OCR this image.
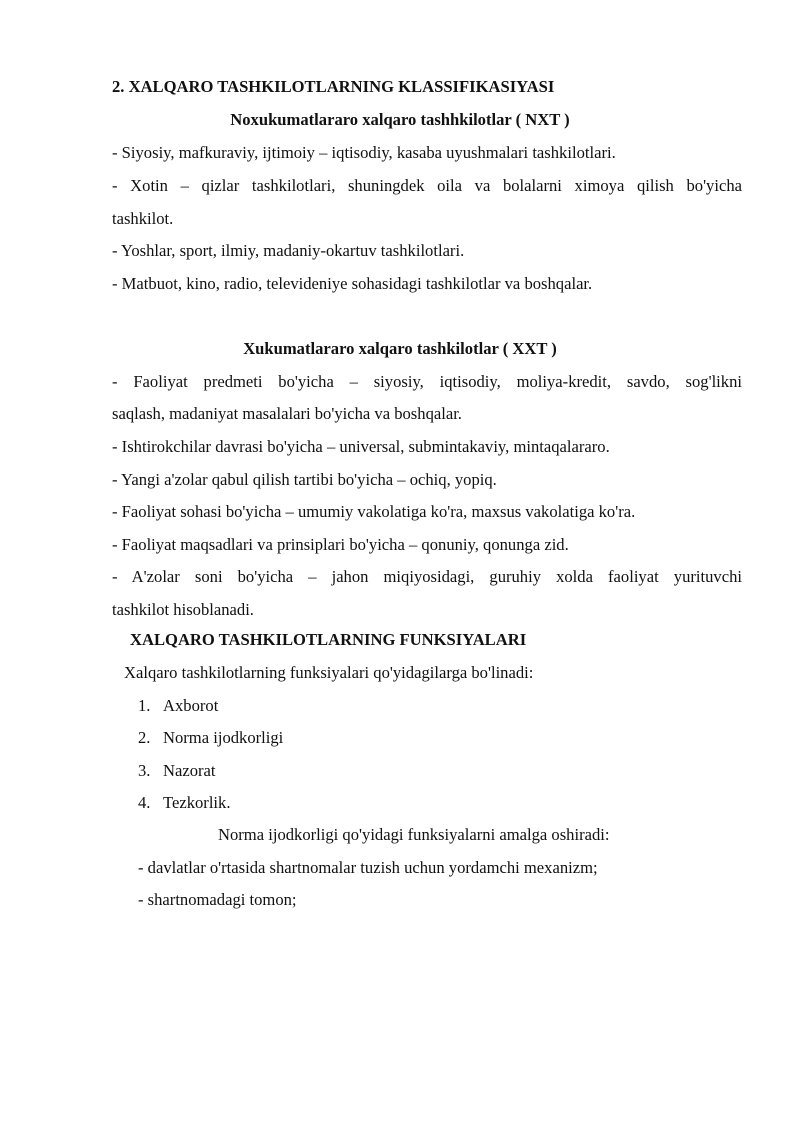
2. XALQARO TASHKILOTLARNING KLASSIFIKASIYASI
Noxukumatlararo xalqaro tashhkilotlar ( NXT )
- Siyosiy, mafkuraviy, ijtimoiy – iqtisodiy, kasaba uyushmalari tashkilotlari.
- Xotin – qizlar tashkilotlari, shuningdek oila va bolalarni ximoya qilish bo'yicha
tashkilot.
- Yoshlar, sport, ilmiy, madaniy-okartuv tashkilotlari.
- Matbuot, kino, radio, televideniye sohasidagi tashkilotlar va boshqalar.
Xukumatlararo xalqaro tashkilotlar ( XXT )
- Faoliyat predmeti bo'yicha – siyosiy, iqtisodiy, moliya-kredit, savdo, sog'likni
saqlash, madaniyat masalalari bo'yicha va boshqalar.
- Ishtirokchilar davrasi bo'yicha – universal, submintakaviy, mintaqalararo.
- Yangi a'zolar qabul qilish tartibi bo'yicha – ochiq, yopiq.
- Faoliyat sohasi bo'yicha – umumiy vakolatiga ko'ra, maxsus vakolatiga ko'ra.
- Faoliyat maqsadlari va prinsiplari bo'yicha – qonuniy, qonunga zid.
- A'zolar soni bo'yicha – jahon miqiyosidagi, guruhiy xolda faoliyat yurituvchi
tashkilot hisoblanadi.
XALQARO TASHKILOTLARNING FUNKSIYALARI
Xalqaro tashkilotlarning funksiyalari qo'yidagilarga bo'linadi:
1. Axborot
2. Norma ijodkorligi
3. Nazorat
4. Tezkorlik.
Norma ijodkorligi qo'yidagi funksiyalarni amalga oshiradi:
- davlatlar o'rtasida shartnomalar tuzish uchun yordamchi mexanizm;
- shartnomadagi tomon;
